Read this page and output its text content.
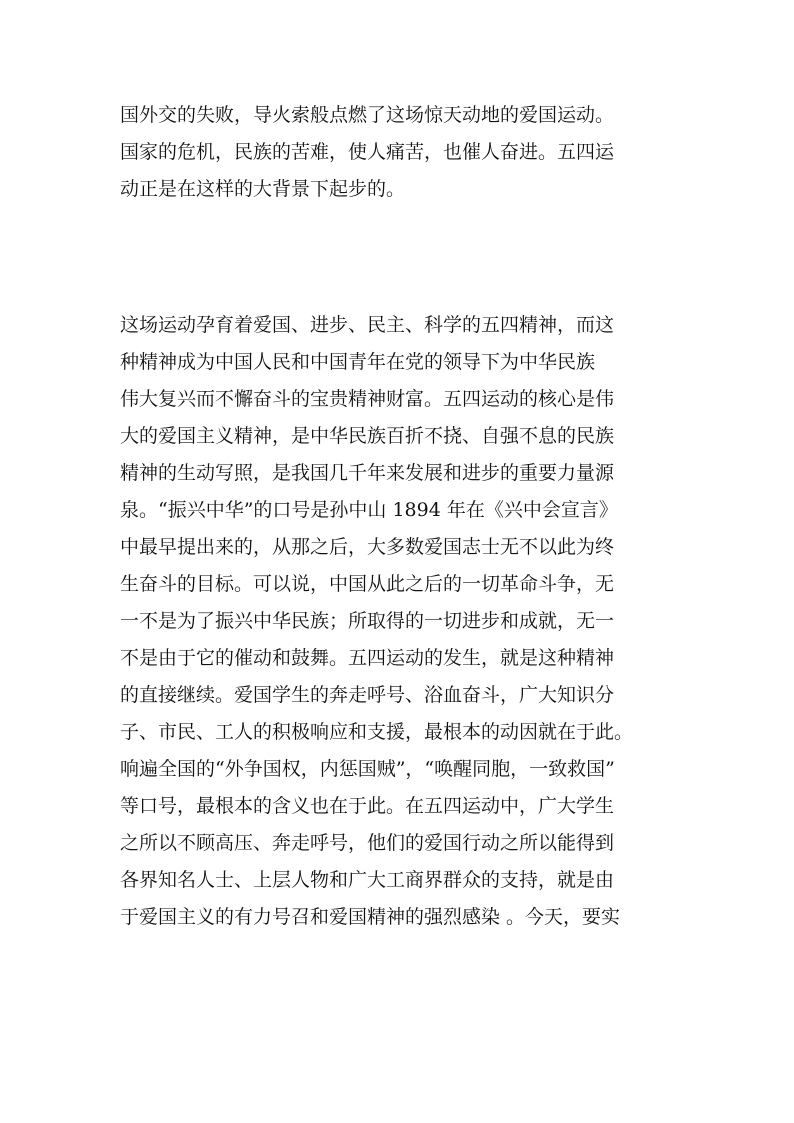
国外交的失败，导火索般点燃了这场惊天动地的爱国运动。
国家的危机，民族的苦难，使人痛苦，也催人奋进。五四运
动正是在这样的大背景下起步的。
这场运动孕育着爱国、进步、民主、科学的五四精神，而这
种精神成为中国人民和中国青年在党的领导下为中华民族
伟大复兴而不懈奋斗的宝贵精神财富。五四运动的核心是伟
大的爱国主义精神，是中华民族百折不挠、自强不息的民族
精神的生动写照，是我国几千年来发展和进步的重要力量源
泉。“振兴中华”的口号是孙中山 1894 年在《兴中会宣言》
中最早提出来的，从那之后，大多数爱国志士无不以此为终
生奋斗的目标。可以说，中国从此之后的一切革命斗争，无
一不是为了振兴中华民族；所取得的一切进步和成就，无一
不是由于它的催动和鼓舞。五四运动的发生，就是这种精神
的直接继续。爱国学生的奔走呼号、浴血奋斗，广大知识分
子、市民、工人的积极响应和支援，最根本的动因就在于此。
响遍全国的“外争国权，内惩国贼”，“唤醒同胞，一致救国”
等口号，最根本的含义也在于此。在五四运动中，广大学生
之所以不顾高压、奔走呼号，他们的爱国行动之所以能得到
各界知名人士、上层人物和广大工商界群众的支持，就是由
于爱国主义的有力号召和爱国精神的强烈感染 。今天，要实
